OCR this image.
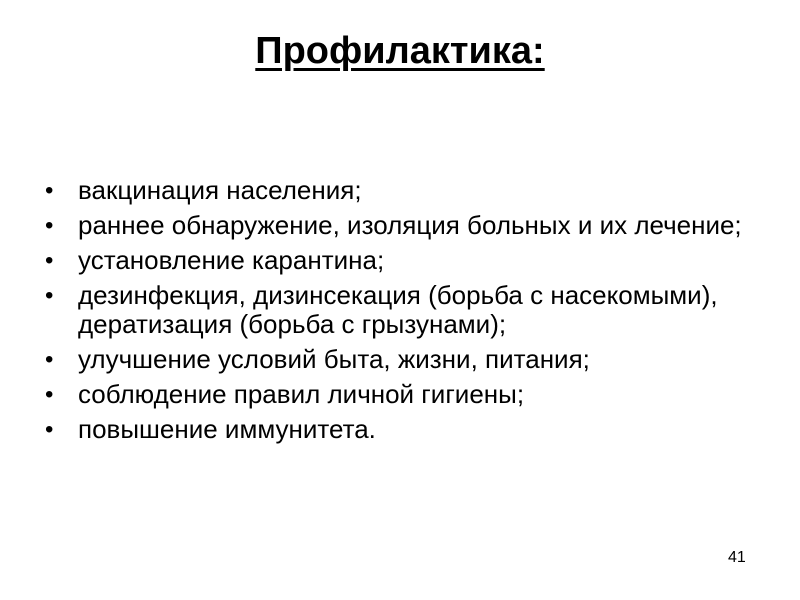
Профилактика:
• вакцинация населения;
• раннее обнаружение, изоляция больных и их лечение;
• установление карантина;
• дезинфекция, дизинсекация (борьба с насекомыми), дератизация (борьба с грызунами);
• улучшение условий быта, жизни, питания;
• соблюдение правил личной гигиены;
• повышение иммунитета.
41
